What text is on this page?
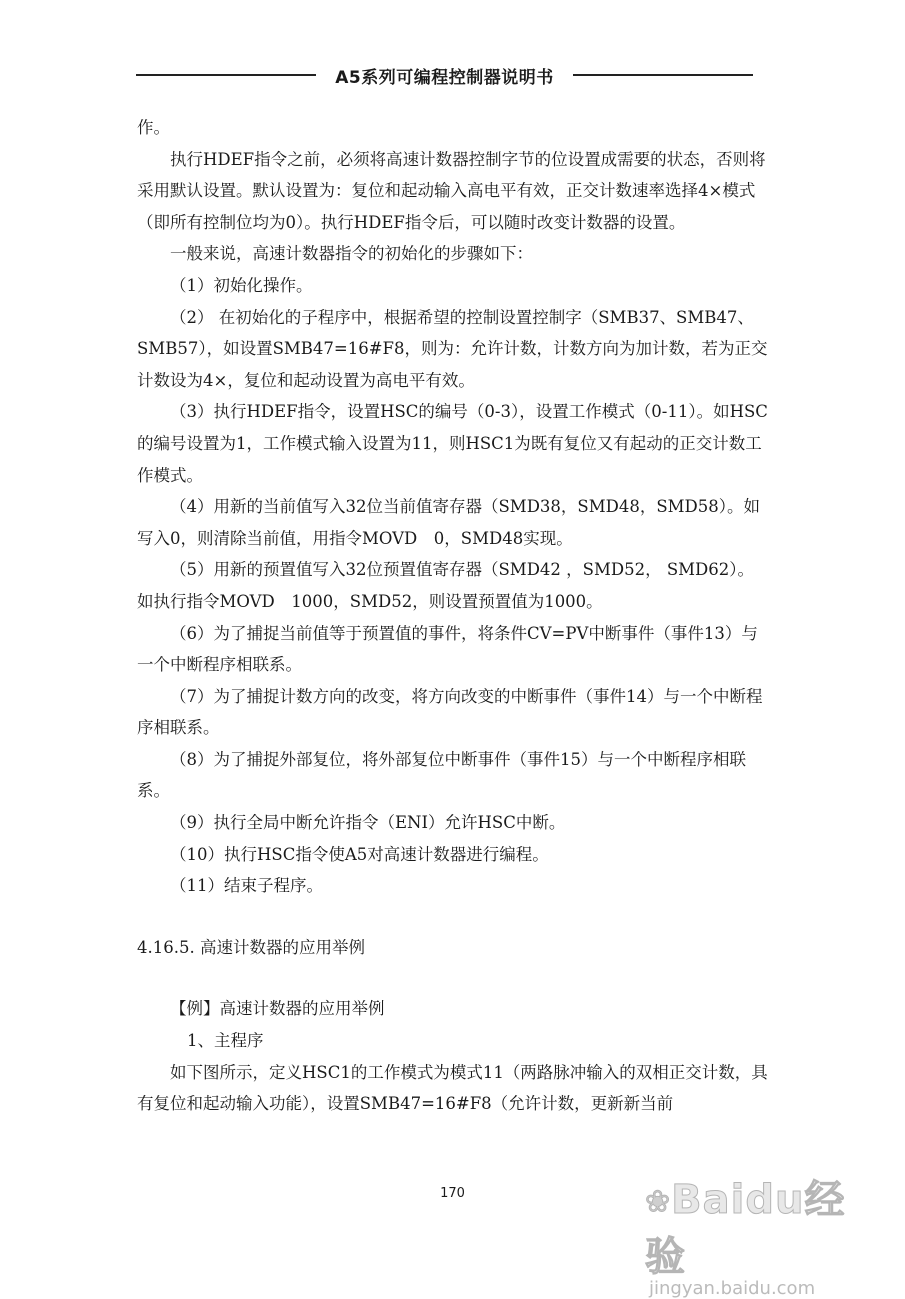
A5系列可编程控制器说明书

作。

执行HDEF指令之前，必须将高速计数器控制字节的位设置成需要的状态，否则将采用默认设置。默认设置为：复位和起动输入高电平有效，正交计数速率选择4×模式（即所有控制位均为0）。执行HDEF指令后，可以随时改变计数器的设置。

一般来说，高速计数器指令的初始化的步骤如下：

（1）初始化操作。

（2） 在初始化的子程序中，根据希望的控制设置控制字（SMB37、SMB47、SMB57），如设置SMB47=16#F8，则为：允许计数，计数方向为加计数，若为正交计数设为4×，复位和起动设置为高电平有效。

（3）执行HDEF指令，设置HSC的编号（0-3），设置工作模式（0-11）。如HSC的编号设置为1，工作模式输入设置为11，则HSC1为既有复位又有起动的正交计数工作模式。

（4）用新的当前值写入32位当前值寄存器（SMD38，SMD48，SMD58）。如写入0，则清除当前值，用指令MOVD　0，SMD48实现。

（5）用新的预置值写入32位预置值寄存器（SMD42 ，SMD52， SMD62）。如执行指令MOVD　1000，SMD52，则设置预置值为1000。

（6）为了捕捉当前值等于预置值的事件，将条件CV=PV中断事件（事件13）与一个中断程序相联系。

（7）为了捕捉计数方向的改变，将方向改变的中断事件（事件14）与一个中断程序相联系。

（8）为了捕捉外部复位，将外部复位中断事件（事件15）与一个中断程序相联系。

（9）执行全局中断允许指令（ENI）允许HSC中断。

（10）执行HSC指令使A5对高速计数器进行编程。

（11）结束子程序。

4.16.5. 高速计数器的应用举例

【例】高速计数器的应用举例

1、主程序

如下图所示，定义HSC1的工作模式为模式11（两路脉冲输入的双相正交计数，具有复位和起动输入功能），设置SMB47=16#F8（允许计数，更新新当前

170	❀Baidu经验
jingyan.baidu.com
